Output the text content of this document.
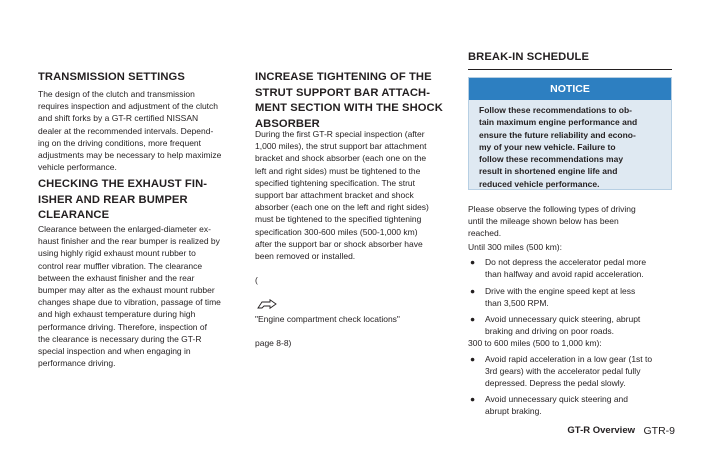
TRANSMISSION SETTINGS

The design of the clutch and transmission
requires inspection and adjustment of the clutch
and shift forks by a GT-R certified NISSAN
dealer at the recommended intervals. Depend-
ing on the driving conditions, more frequent
adjustments may be necessary to help maximize
vehicle performance.

CHECKING THE EXHAUST FIN-
ISHER AND REAR BUMPER
CLEARANCE

Clearance between the enlarged-diameter ex-
haust finisher and the rear bumper is realized by
using highly rigid exhaust mount rubber to
control rear muffler vibration. The clearance
between the exhaust finisher and the rear
bumper may alter as the exhaust mount rubber
changes shape due to vibration, passage of time
and high exhaust temperature during high
performance driving. Therefore, inspection of
the clearance is necessary during the GT-R
special inspection and when engaging in
performance driving.

INCREASE TIGHTENING OF THE
STRUT SUPPORT BAR ATTACH-
MENT SECTION WITH THE SHOCK
ABSORBER

During the first GT-R special inspection (after
1,000 miles), the strut support bar attachment
bracket and shock absorber (each one on the
left and right sides) must be tightened to the
specified tightening specification. The strut
support bar attachment bracket and shock
absorber (each one on the left and right sides)
must be tightened to the specified tightening
specification 300-600 miles (500-1,000 km)
after the support bar or shock absorber have
been removed or installed.

(

"Engine compartment check locations"

page 8-8)

BREAK-IN SCHEDULE
NOTICE

Follow these recommendations to ob-
tain maximum engine performance and
ensure the future reliability and econo-
my of your new vehicle. Failure to
follow these recommendations may
result in shortened engine life and
reduced vehicle performance.

Please observe the following types of driving
until the mileage shown below has been
reached.

Until 300 miles (500 km):

● Do not depress the accelerator pedal more
than halfway and avoid rapid acceleration.
● Drive with the engine speed kept at less
than 3,500 RPM.
● Avoid unnecessary quick steering, abrupt
braking and driving on poor roads.

300 to 600 miles (500 to 1,000 km):

● Avoid rapid acceleration in a low gear (1st to
3rd gears) with the accelerator pedal fully
depressed. Depress the pedal slowly.
● Avoid unnecessary quick steering and
abrupt braking.
GT-R Overview GTR-9
